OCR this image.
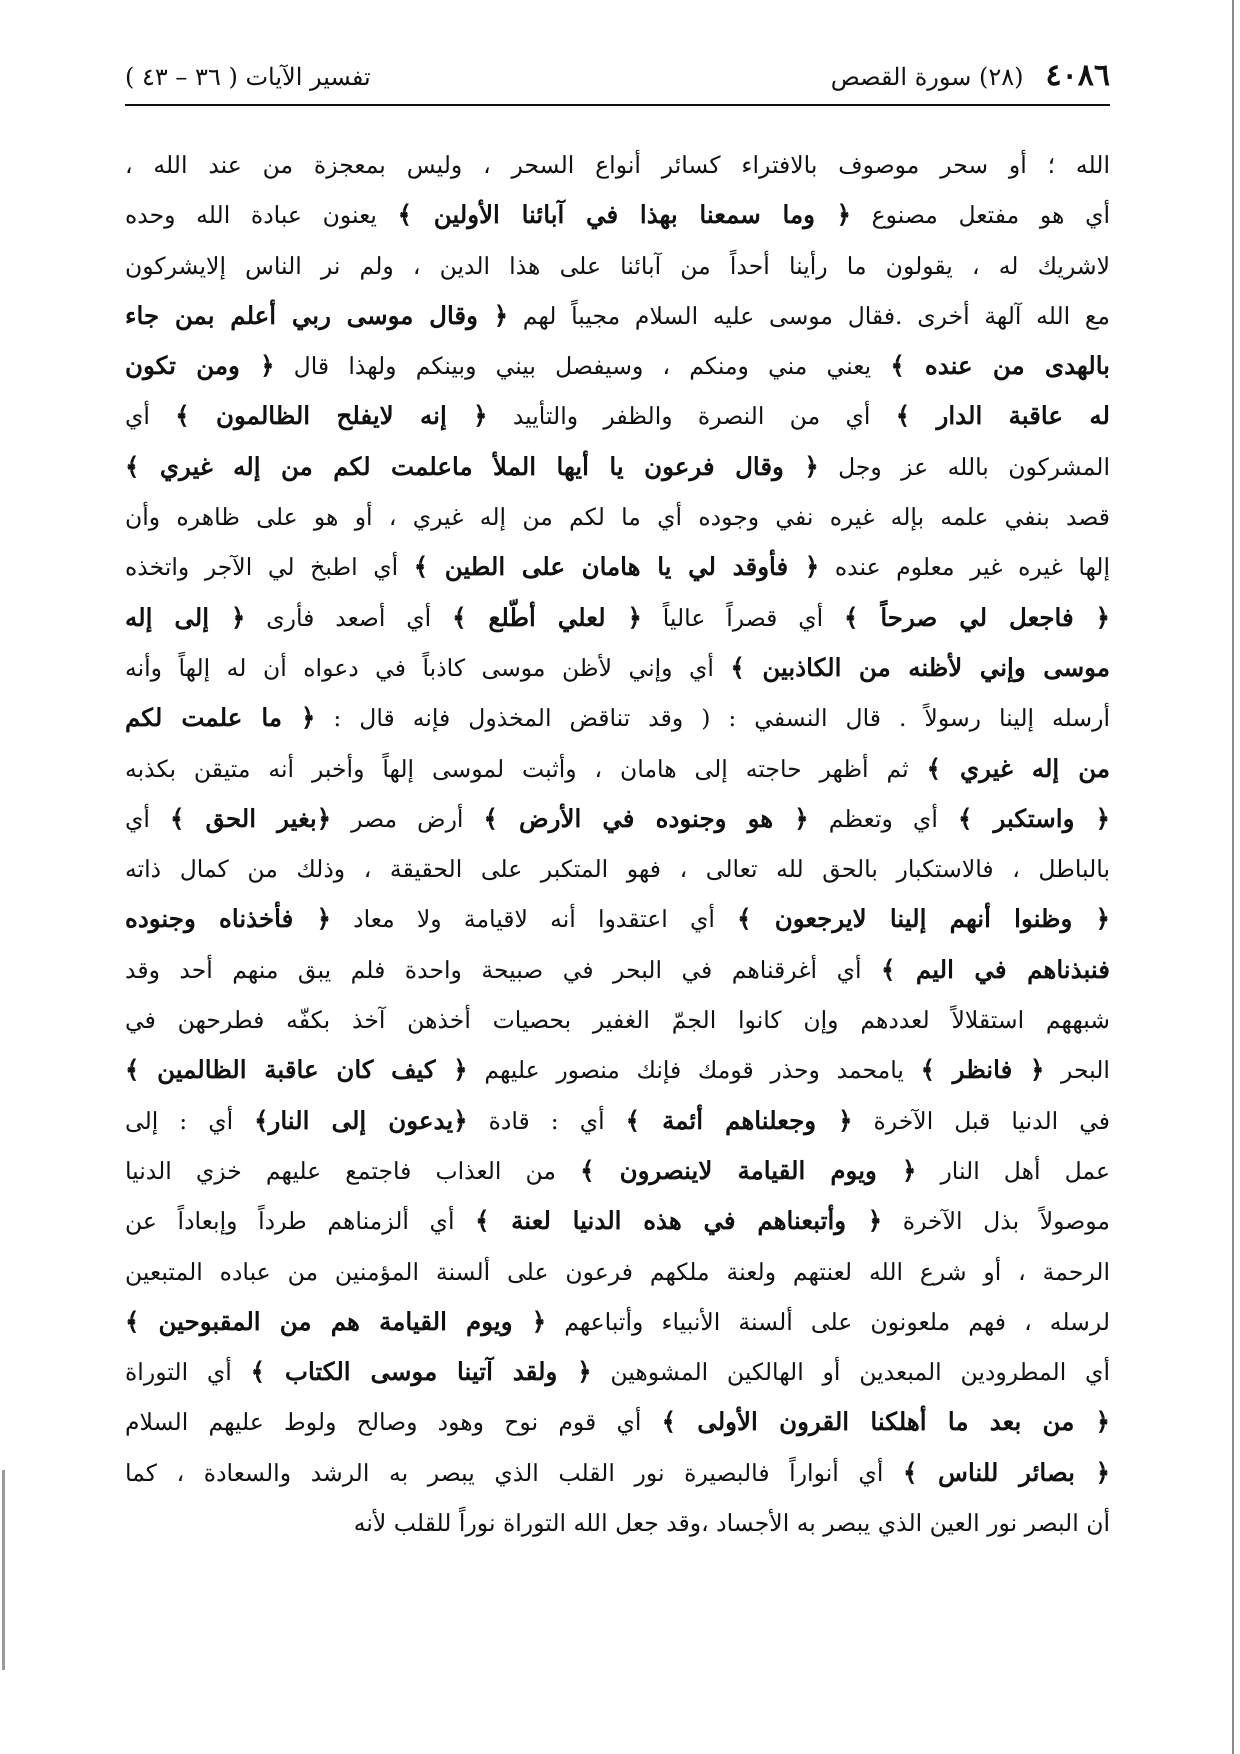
٤٠٨٦
(٢٨) سورة القصص
تفسير الآيات ( ٣٦ – ٤٣ )
الله ؛ أو سحر موصوف بالافتراء كسائر أنواع السحر ، وليس بمعجزة من عند الله ،
أي هو مفتعل مصنوع ﴿ وما سمعنا بهذا في آبائنا الأولين ﴾ يعنون عبادة الله وحده
لاشريك له ، يقولون ما رأينا أحداً من آبائنا على هذا الدين ، ولم نر الناس إلايشركون
مع الله آلهة أخرى .فقال موسى عليه السلام مجيباً لهم ﴿ وقال موسى ربي أعلم بمن جاء
بالهدى من عنده ﴾ يعني مني ومنكم ، وسيفصل بيني وبينكم ولهذا قال ﴿ ومن تكون
له عاقبة الدار ﴾ أي من النصرة والظفر والتأييد ﴿ إنه لايفلح الظالمون ﴾ أي
المشركون بالله عز وجل ﴿ وقال فرعون يا أيها الملأ ماعلمت لكم من إله غيري ﴾
قصد بنفي علمه بإله غيره نفي وجوده أي ما لكم من إله غيري ، أو هو على ظاهره وأن
إلها غيره غير معلوم عنده ﴿ فأوقد لي يا هامان على الطين ﴾ أي اطبخ لي الآجر واتخذه
﴿ فاجعل لي صرحاً ﴾ أي قصراً عالياً ﴿ لعلي أطّلع ﴾ أي أصعد فأرى ﴿ إلى إله
موسى وإني لأظنه من الكاذبين ﴾ أي وإني لأظن موسى كاذباً في دعواه أن له إلهاً وأنه
أرسله إلينا رسولاً . قال النسفي : ( وقد تناقض المخذول فإنه قال : ﴿ ما علمت لكم
من إله غيري ﴾ ثم أظهر حاجته إلى هامان ، وأثبت لموسى إلهاً وأخبر أنه متيقن بكذبه
﴿ واستكبر ﴾ أي وتعظم ﴿ هو وجنوده في الأرض ﴾ أرض مصر ﴿بغير الحق ﴾ أي
بالباطل ، فالاستكبار بالحق لله تعالى ، فهو المتكبر على الحقيقة ، وذلك من كمال ذاته
﴿ وظنوا أنهم إلينا لايرجعون ﴾ أي اعتقدوا أنه لاقيامة ولا معاد ﴿ فأخذناه وجنوده
فنبذناهم في اليم ﴾ أي أغرقناهم في البحر في صبيحة واحدة فلم يبق منهم أحد وقد
شبههم استقلالاً لعددهم وإن كانوا الجمّ الغفير بحصيات أخذهن آخذ بكفّه فطرحهن في
البحر ﴿ فانظر ﴾ يامحمد وحذر قومك فإنك منصور عليهم ﴿ كيف كان عاقبة الظالمين ﴾
في الدنيا قبل الآخرة ﴿ وجعلناهم أئمة ﴾ أي : قادة ﴿يدعون إلى النار﴾ أي : إلى
عمل أهل النار ﴿ ويوم القيامة لاينصرون ﴾ من العذاب فاجتمع عليهم خزي الدنيا
موصولاً بذل الآخرة ﴿ وأتبعناهم في هذه الدنيا لعنة ﴾ أي ألزمناهم طرداً وإبعاداً عن
الرحمة ، أو شرع الله لعنتهم ولعنة ملكهم فرعون على ألسنة المؤمنين من عباده المتبعين
لرسله ، فهم ملعونون على ألسنة الأنبياء وأتباعهم ﴿ ويوم القيامة هم من المقبوحين ﴾
أي المطرودين المبعدين أو الهالكين المشوهين ﴿ ولقد آتينا موسى الكتاب ﴾ أي التوراة
﴿ من بعد ما أهلكنا القرون الأولى ﴾ أي قوم نوح وهود وصالح ولوط عليهم السلام
﴿ بصائر للناس ﴾ أي أنواراً فالبصيرة نور القلب الذي يبصر به الرشد والسعادة ، كما
أن البصر نور العين الذي يبصر به الأجساد ،وقد جعل الله التوراة نوراً للقلب لأنه
